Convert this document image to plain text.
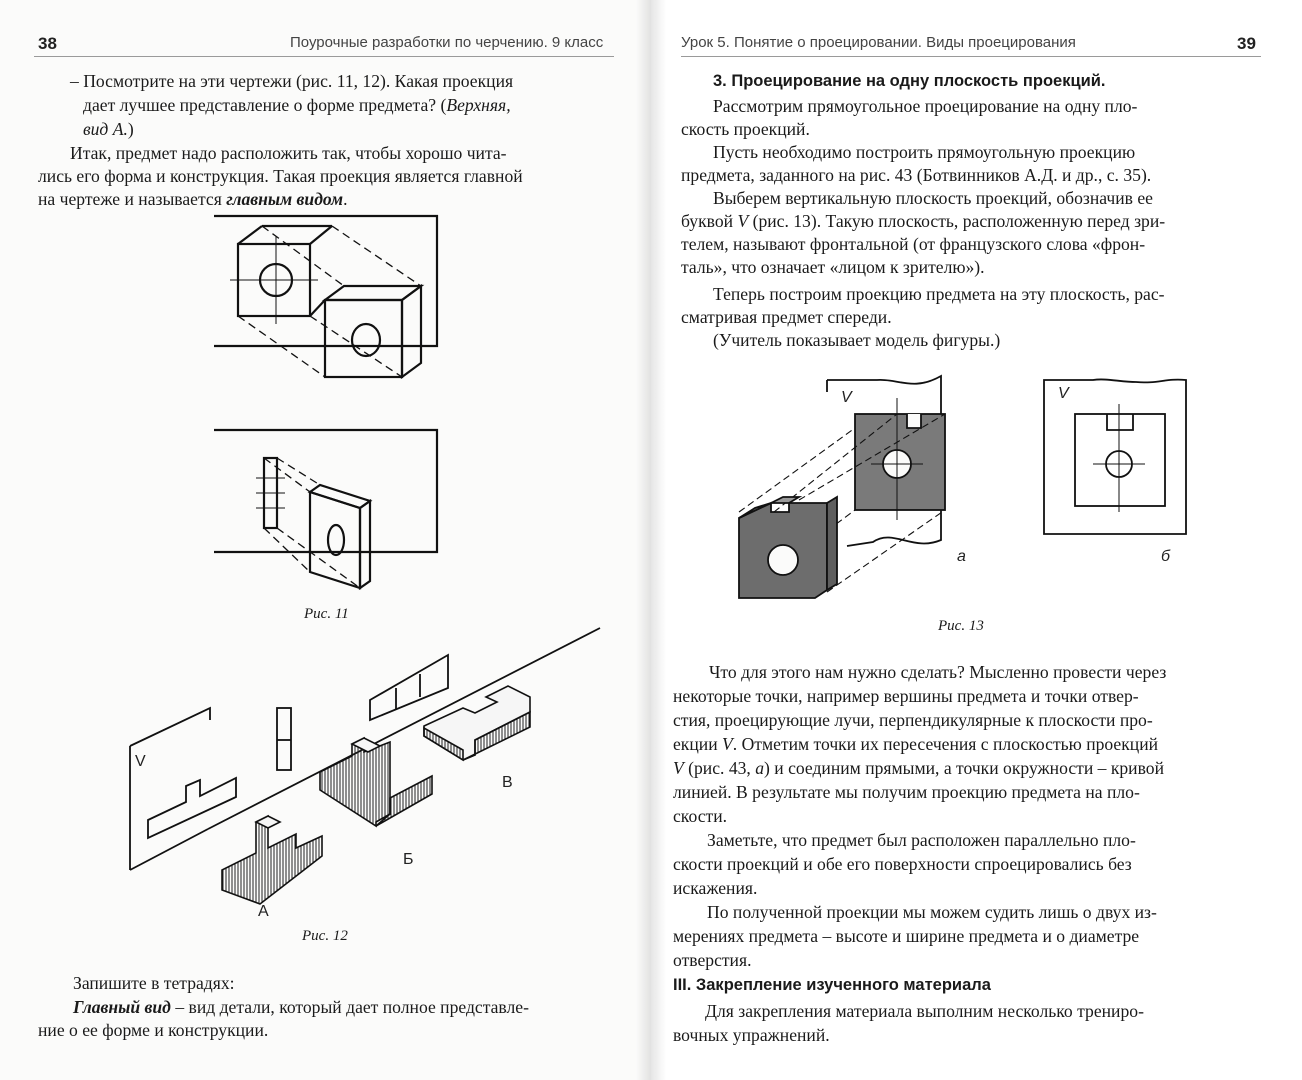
38	Поурочные разработки по черчению. 9 класс
– Посмотрите на эти чертежи (рис. 11, 12). Какая проекция
дает лучшее представление о форме предмета? (Верхняя,
вид А.)
Итак, предмет надо расположить так, чтобы хорошо чита-
лись его форма и конструкция. Такая проекция является главной
на чертеже и называется главным видом.
Рис. 11
V
В
Б
А
Рис. 12
Запишите в тетрадях:
Главный вид – вид детали, который дает полное представле-
ние о ее форме и конструкции.
Урок 5. Понятие о проецировании. Виды проецирования	39
3. Проецирование на одну плоскость проекций.
Рассмотрим прямоугольное проецирование на одну пло-
скость проекций.
Пусть необходимо построить прямоугольную проекцию
предмета, заданного на рис. 43 (Ботвинников А.Д. и др., с. 35).
Выберем вертикальную плоскость проекций, обозначив ее
буквой V (рис. 13). Такую плоскость, расположенную перед зри-
телем, называют фронтальной (от французского слова «фрон-
таль», что означает «лицом к зрителю»).
Теперь построим проекцию предмета на эту плоскость, рас-
сматривая предмет спереди.
(Учитель показывает модель фигуры.)
V	V
а	б
Рис. 13
Что для этого нам нужно сделать? Мысленно провести через
некоторые точки, например вершины предмета и точки отвер-
стия, проецирующие лучи, перпендикулярные к плоскости про-
екции V. Отметим точки их пересечения с плоскостью проекций
V (рис. 43, а) и соединим прямыми, а точки окружности – кривой
линией. В результате мы получим проекцию предмета на пло-
скости.
Заметьте, что предмет был расположен параллельно пло-
скости проекций и обе его поверхности спроецировались без
искажения.
По полученной проекции мы можем судить лишь о двух из-
мерениях предмета – высоте и ширине предмета и о диаметре
отверстия.
III. Закрепление изученного материала
Для закрепления материала выполним несколько трениро-
вочных упражнений.
